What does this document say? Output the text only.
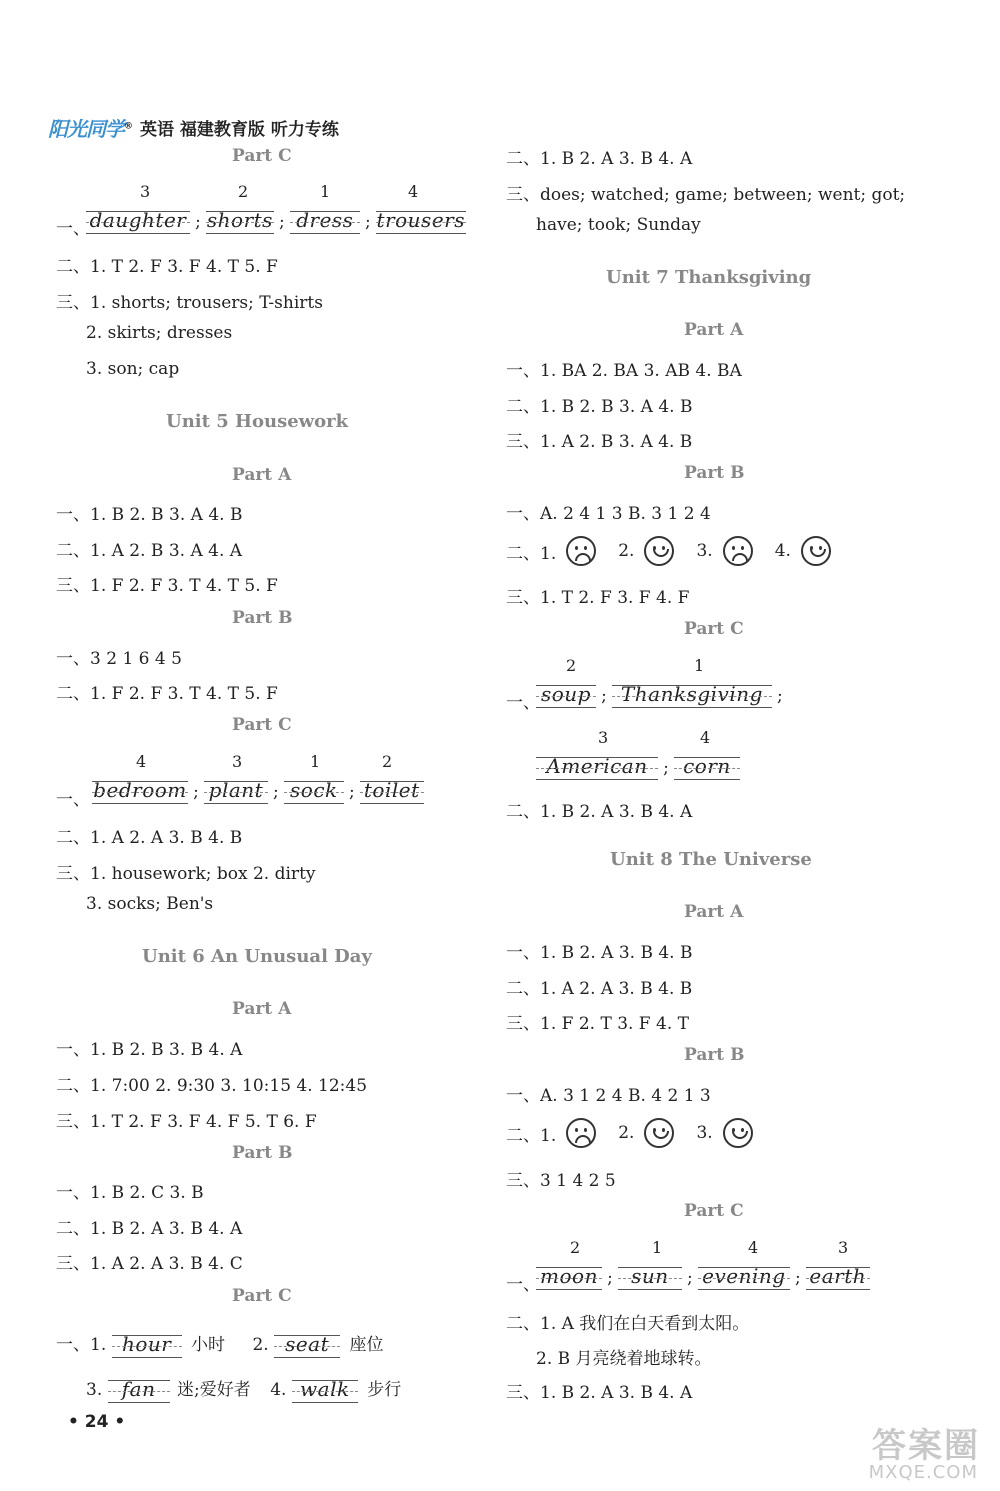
阳光同学® 英语 福建教育版 听力专练
Part C
一、
3	2	1	4
daughter ; shorts ; dress ; trousers
二、1. T 2. F 3. F 4. T 5. F
三、1. shorts; trousers; T-shirts
2. skirts; dresses
3. son; cap
Unit 5 Housework
Part A
一、1. B 2. B 3. A 4. B
二、1. A 2. B 3. A 4. A
三、1. F 2. F 3. T 4. T 5. F
Part B
一、3 2 1 6 4 5
二、1. F 2. F 3. T 4. T 5. F
Part C
一、
4	3	1	2
bedroom ; plant ; sock ; toilet
二、1. A 2. A 3. B 4. B
三、1. housework; box 2. dirty
3. socks; Ben's
Unit 6 An Unusual Day
Part A
一、1. B 2. B 3. B 4. A
二、1. 7:00 2. 9:30 3. 10:15 4. 12:45
三、1. T 2. F 3. F 4. F 5. T 6. F
Part B
一、1. B 2. C 3. B
二、1. B 2. A 3. B 4. A
三、1. A 2. A 3. B 4. C
Part C
一、1. hour 小时 2. seat 座位
3. fan 迷;爱好者 4. walk 步行
• 24 •
二、1. B 2. A 3. B 4. A
三、does; watched; game; between; went; got;
have; took; Sunday
Unit 7 Thanksgiving
Part A
一、1. BA 2. BA 3. AB 4. BA
二、1. B 2. B 3. A 4. B
三、1. A 2. B 3. A 4. B
Part B
一、A. 2 4 1 3 B. 3 1 2 4
二、1.	2.	3.	4.
三、1. T 2. F 3. F 4. F
Part C
一、
2	1
soup ; Thanksgiving ;
3	4
American ; corn
二、1. B 2. A 3. B 4. A
Unit 8 The Universe
Part A
一、1. B 2. A 3. B 4. B
二、1. A 2. A 3. B 4. B
三、1. F 2. T 3. F 4. T
Part B
一、A. 3 1 2 4 B. 4 2 1 3
二、1.	2.	3.
三、3 1 4 2 5
Part C
一、
2	1	4	3
moon ; sun ; evening ; earth
二、1. A 我们在白天看到太阳。
2. B 月亮绕着地球转。
三、1. B 2. A 3. B 4. A
答案圈
MXQE.COM
